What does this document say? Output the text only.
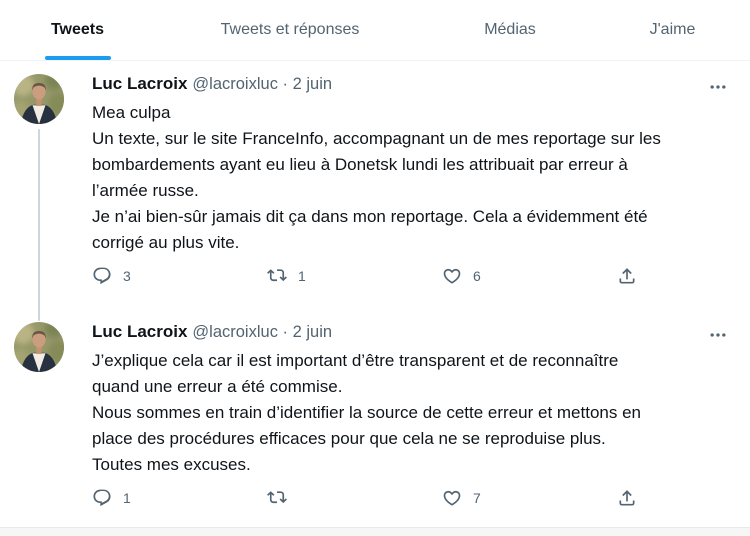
Tweets	Tweets et réponses	Médias	J'aime
Luc Lacroix @lacroixluc · 2 juin
Mea culpa
Un texte, sur le site FranceInfo, accompagnant un de mes reportage sur les
bombardements ayant eu lieu à Donetsk lundi les attribuait par erreur à
l’armée russe.
Je n’ai bien-sûr jamais dit ça dans mon reportage. Cela a évidemment été
corrigé au plus vite.
3	1	6
Luc Lacroix @lacroixluc · 2 juin
J’explique cela car il est important d’être transparent et de reconnaître
quand une erreur a été commise.
Nous sommes en train d’identifier la source de cette erreur et mettons en
place des procédures efficaces pour que cela ne se reproduise plus.
Toutes mes excuses.
1	7
